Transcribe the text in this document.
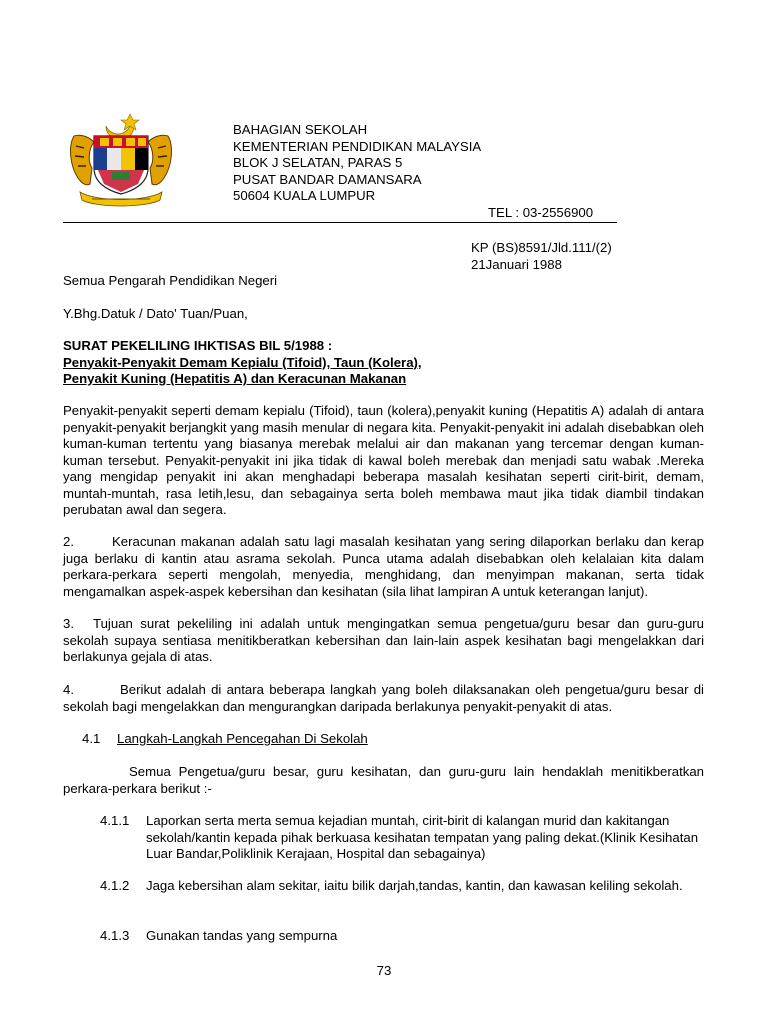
BAHAGIAN SEKOLAH
KEMENTERIAN PENDIDIKAN MALAYSIA
BLOK J SELATAN, PARAS 5
PUSAT BANDAR DAMANSARA
50604 KUALA LUMPUR
TEL : 03-2556900
KP (BS)8591/Jld.111/(2)
21Januari 1988
Semua Pengarah Pendidikan Negeri
Y.Bhg.Datuk / Dato' Tuan/Puan,
SURAT PEKELILING IHKTISAS BIL 5/1988 :
Penyakit-Penyakit Demam Kepialu (Tifoid), Taun (Kolera),
Penyakit Kuning (Hepatitis A) dan Keracunan Makanan
Penyakit-penyakit seperti demam kepialu (Tifoid), taun (kolera),penyakit kuning (Hepatitis A) adalah di antara penyakit-penyakit berjangkit yang masih menular di negara kita. Penyakit-penyakit ini adalah disebabkan oleh kuman-kuman tertentu yang biasanya merebak melalui air dan makanan yang tercemar dengan kuman-kuman tersebut. Penyakit-penyakit ini jika tidak di kawal boleh merebak dan menjadi satu wabak .Mereka yang mengidap penyakit ini akan menghadapi beberapa masalah kesihatan seperti cirit-birit, demam, muntah-muntah, rasa letih,lesu, dan sebagainya serta boleh membawa maut jika tidak diambil tindakan perubatan awal dan segera.
2.	Keracunan makanan adalah satu lagi masalah kesihatan yang sering dilaporkan berlaku dan kerap juga berlaku di kantin atau asrama sekolah. Punca utama adalah disebabkan oleh kelalaian kita dalam perkara-perkara seperti mengolah, menyedia, menghidang, dan menyimpan makanan, serta tidak mengamalkan aspek-aspek kebersihan dan kesihatan (sila lihat lampiran A untuk keterangan lanjut).
3. Tujuan surat pekeliling ini adalah untuk mengingatkan semua pengetua/guru besar dan guru-guru sekolah supaya sentiasa menitikberatkan kebersihan dan lain-lain aspek kesihatan bagi mengelakkan dari berlakunya gejala di atas.
4.	Berikut adalah di antara beberapa langkah yang boleh dilaksanakan oleh pengetua/guru besar di sekolah bagi mengelakkan dan mengurangkan daripada berlakunya penyakit-penyakit di atas.
4.1 Langkah-Langkah Pencegahan Di Sekolah
Semua Pengetua/guru besar, guru kesihatan, dan guru-guru lain hendaklah menitikberatkan perkara-perkara berikut :-
4.1.1 Laporkan serta merta semua kejadian muntah, cirit-birit di kalangan murid dan kakitangan sekolah/kantin kepada pihak berkuasa kesihatan tempatan yang paling dekat.(Klinik Kesihatan Luar Bandar,Poliklinik Kerajaan, Hospital dan sebagainya)
4.1.2 Jaga kebersihan alam sekitar, iaitu bilik darjah,tandas, kantin, dan kawasan keliling sekolah.
4.1.3 Gunakan tandas yang sempurna
73
